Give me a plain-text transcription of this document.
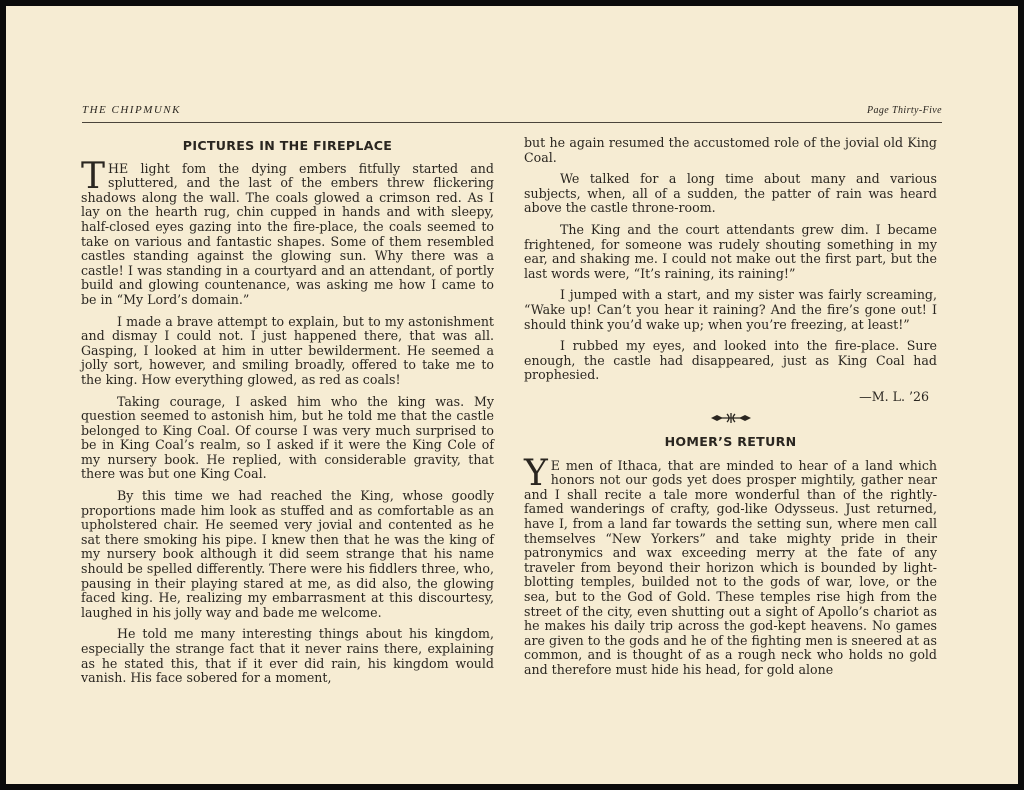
THE CHIPMUNK	Page Thirty-Five
PICTURES IN THE FIREPLACE

THE light fom the dying embers fitfully started and spluttered, and the last of the embers threw flickering shadows along the wall. The coals glowed a crimson red. As I lay on the hearth rug, chin cupped in hands and with sleepy, half-closed eyes gazing into the fire-place, the coals seemed to take on various and fantastic shapes. Some of them resembled castles standing against the glowing sun. Why there was a castle! I was standing in a courtyard and an attendant, of portly build and glowing countenance, was asking me how I came to be in “My Lord’s domain.”

I made a brave attempt to explain, but to my astonishment and dismay I could not. I just happened there, that was all. Gasping, I looked at him in utter bewilderment. He seemed a jolly sort, however, and smiling broadly, offered to take me to the king. How everything glowed, as red as coals!

Taking courage, I asked him who the king was. My question seemed to astonish him, but he told me that the castle belonged to King Coal. Of course I was very much surprised to be in King Coal’s realm, so I asked if it were the King Cole of my nursery book. He replied, with considerable gravity, that there was but one King Coal.

By this time we had reached the King, whose goodly proportions made him look as stuffed and as comfortable as an upholstered chair. He seemed very jovial and contented as he sat there smoking his pipe. I knew then that he was the king of my nursery book although it did seem strange that his name should be spelled differently. There were his fiddlers three, who, pausing in their playing stared at me, as did also, the glowing faced king. He, realizing my embarrasment at this discourtesy, laughed in his jolly way and bade me welcome.

He told me many interesting things about his kingdom, especially the strange fact that it never rains there, explaining as he stated this, that if it ever did rain, his kingdom would vanish. His face sobered for a moment,

but he again resumed the accustomed role of the jovial old King Coal.

We talked for a long time about many and various subjects, when, all of a sudden, the patter of rain was heard above the castle throne-room.

The King and the court attendants grew dim. I became frightened, for someone was rudely shouting something in my ear, and shaking me. I could not make out the first part, but the last words were, “It’s raining, its raining!”

I jumped with a start, and my sister was fairly screaming, “Wake up! Can’t you hear it raining? And the fire’s gone out! I should think you’d wake up; when you’re freezing, at least!”

I rubbed my eyes, and looked into the fire-place. Sure enough, the castle had disappeared, just as King Coal had prophesied.

—M. L. ’26
HOMER’S RETURN

Y E men of Ithaca, that are minded to hear of a land which honors not our gods yet does prosper mightily, gather near and I shall recite a tale more wonderful than of the rightly-famed wanderings of crafty, god-like Odysseus. Just returned, have I, from a land far towards the setting sun, where men call themselves “New Yorkers” and take mighty pride in their patronymics and wax exceeding merry at the fate of any traveler from beyond their horizon which is bounded by light-blotting temples, builded not to the gods of war, love, or the sea, but to the God of Gold. These temples rise high from the street of the city, even shutting out a sight of Apollo’s chariot as he makes his daily trip across the god-kept heavens. No games are given to the gods and he of the fighting men is sneered at as common, and is thought of as a rough neck who holds no gold and therefore must hide his head, for gold alone
